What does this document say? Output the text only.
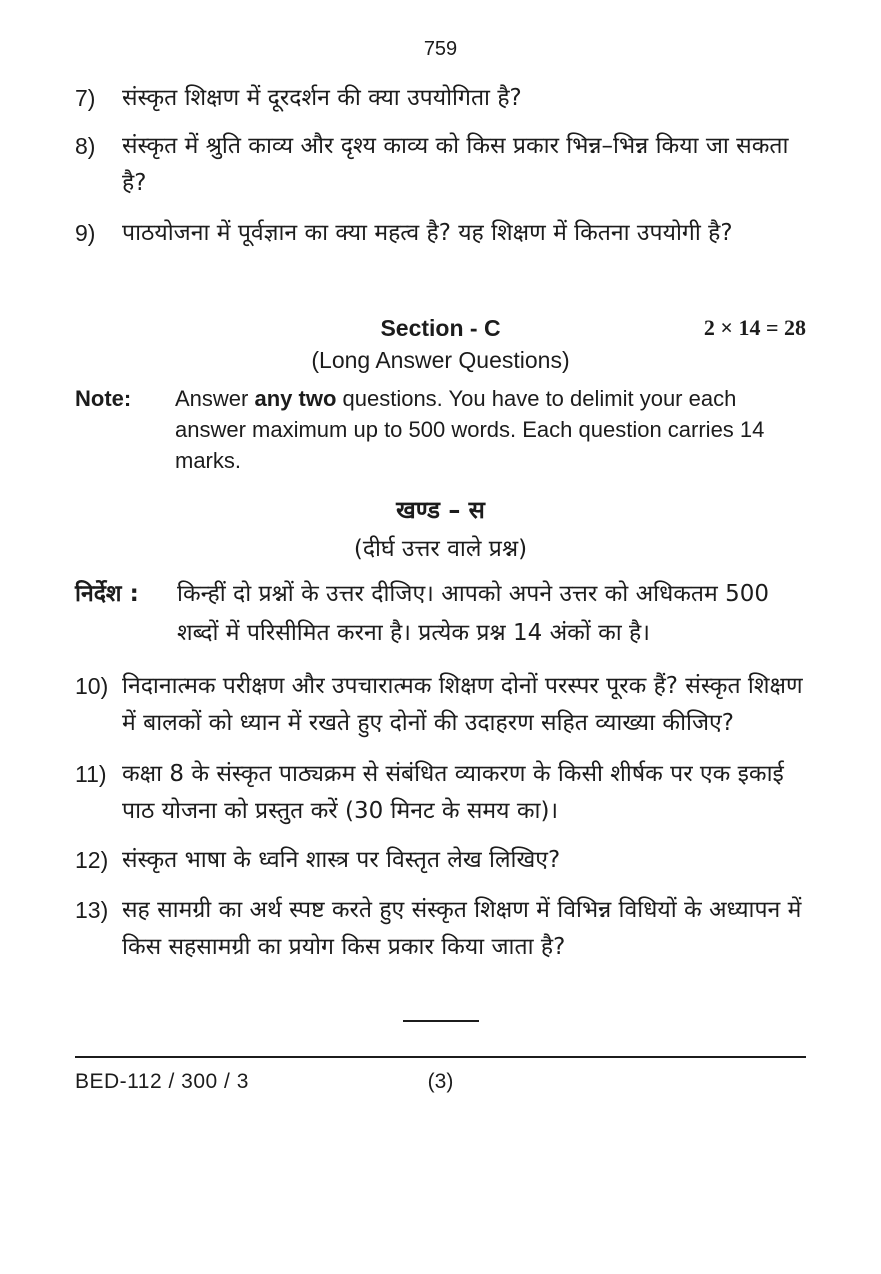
759
7)	संस्कृत शिक्षण में दूरदर्शन की क्या उपयोगिता है?
8)	संस्कृत में श्रुति काव्य और दृश्य काव्य को किस प्रकार भिन्न–भिन्न किया जा सकता है?
9)	पाठयोजना में पूर्वज्ञान का क्या महत्व है? यह शिक्षण में कितना उपयोगी है?
Section - C	2 × 14 = 28
(Long Answer Questions)
Note:	Answer any two questions. You have to delimit your each answer maximum up to 500 words. Each question carries 14 marks.
खण्ड – स
(दीर्घ उत्तर वाले प्रश्न)
निर्देश :	किन्हीं दो प्रश्नों के उत्तर दीजिए। आपको अपने उत्तर को अधिकतम 500 शब्दों में परिसीमित करना है। प्रत्येक प्रश्न 14 अंकों का है।
10) निदानात्मक परीक्षण और उपचारात्मक शिक्षण दोनों परस्पर पूरक हैं? संस्कृत शिक्षण में बालकों को ध्यान में रखते हुए दोनों की उदाहरण सहित व्याख्या कीजिए?
11) कक्षा 8 के संस्कृत पाठ्यक्रम से संबंधित व्याकरण के किसी शीर्षक पर एक इकाई पाठ योजना को प्रस्तुत करें (30 मिनट के समय का)।
12) संस्कृत भाषा के ध्वनि शास्त्र पर विस्तृत लेख लिखिए?
13) सह सामग्री का अर्थ स्पष्ट करते हुए संस्कृत शिक्षण में विभिन्न विधियों के अध्यापन में किस सहसामग्री का प्रयोग किस प्रकार किया जाता है?
BED-112 / 300 / 3	(3)
